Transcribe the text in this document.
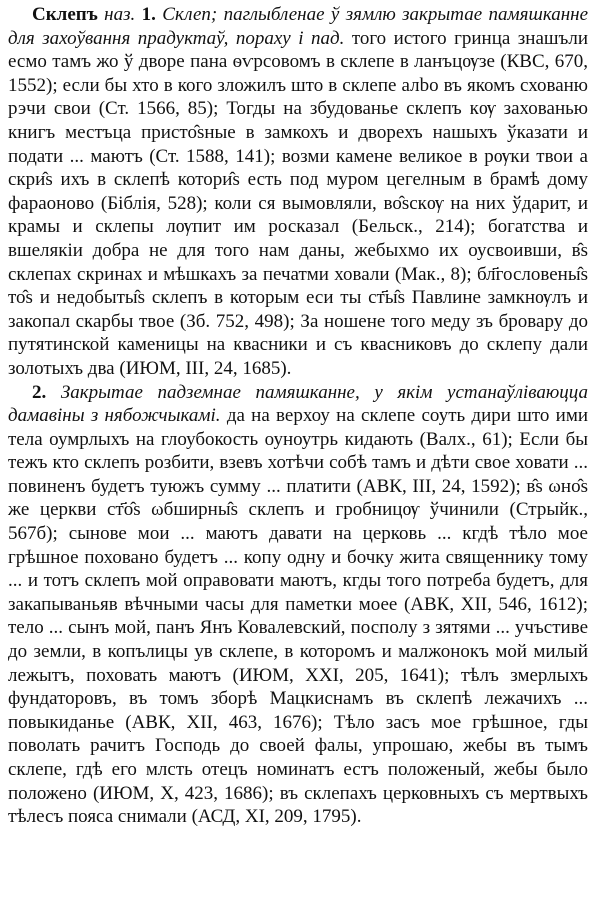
Склепъ наз. 1. Склеп; паглыбленае ў зямлю закрытае памяшканне для захоўвання прадуктаў, пораху і пад. того истого гринца знашъли есмо тамъ жо ў дворе пана ѳѵрсовомъ в склепе в ланъцѹзе (КВС, 670, 1552); если бы хто в кого зложилъ што в склепе алbо въ якомъ схованю рэчи свои (Ст. 1566, 85); Тогды на збудованье склепъ кѹ захованью книгъ местъца присто̂ѕные в замкохъ и дворехъ нашыхъ ўказати и подати ... маютъ (Ст. 1588, 141); возми камене великое в рѹки твои а скри̂ѕ ихъ в склепѣ котори̂ѕ есть под муром цегелным в брамѣ дому фараоново (Біблія, 528); коли ся вымовляли, во̂ѕскѹ на них ўдарит, и крамы и склепы лѹпит им росказал (Бельск., 214); богатства и вшелякіи добра не для того нам даны, жебыхмо их оусвоивши, в̂ѕ склепах скринах и мѣшкахъ за печатми ховали (Мак., 8); бл҃гословены̂ѕ то̂ѕ и недобыты̂ѕ склепъ в которым еси ты ст҃ы̂ѕ Павлине замкнѹлъ и закопал скарбы твое (Зб. 752, 498); За ношене того меду зъ бровару до путятинской каменицы на квасники и съ квасниковъ до склепу дали золотыхъ два (ИЮМ, III, 24, 1685).

2. Закрытае падземнае памяшканне, у якім устанаўліваюцца дамавіны з нябожчыкамі. да на верхоу на склепе соуть дири што ими тела оумрлыхъ на глоубокость оуноутрь кидають (Валх., 61); Если бы тежъ кто склепъ розбити, взевъ хотѣчи собѣ тамъ и дѣти свое ховати ... повиненъ будетъ туюжъ сумму ... платити (АВК, III, 24, 1592); в̂ѕ ωно̂ѕ же церкви ст҃о̂ѕ ωбширны̂ѕ склепъ и гробницѹ ўчинили (Стрыйк., 567б); сынове мои ... маютъ давати на церковь ... кгдѣ тѣло мое грѣшное поховано будетъ ... копу одну и бочку жита священнику тому ... и тотъ склепъ мой оправовати маютъ, кгды того потреба будетъ, для закапываньяв вѣчными часы для паметки моее (АВК, XII, 546, 1612); тело ... сынъ мой, панъ Янъ Ковалевский, посполу з зятями ... учъстиве до земли, в копълицы ув склепе, в которомъ и малжонокъ мой милый лежытъ, поховать маютъ (ИЮМ, XXI, 205, 1641); тѣлъ змерлыхъ фундаторовъ, въ томъ зборѣ Мацкиснамъ въ склепѣ лежачихъ ... повыкиданье (АВК, XII, 463, 1676); Тѣло засъ мое грѣшное, гды поволать рачитъ Господь до своей фалы, упрошаю, жебы въ тымъ склепе, гдѣ его млсть отецъ номинатъ естъ положеный, жебы было положено (ИЮМ, Х, 423, 1686); въ склепахъ церковныхъ съ мертвыхъ тѣлесъ пояса снимали (АСД, XI, 209, 1795).
